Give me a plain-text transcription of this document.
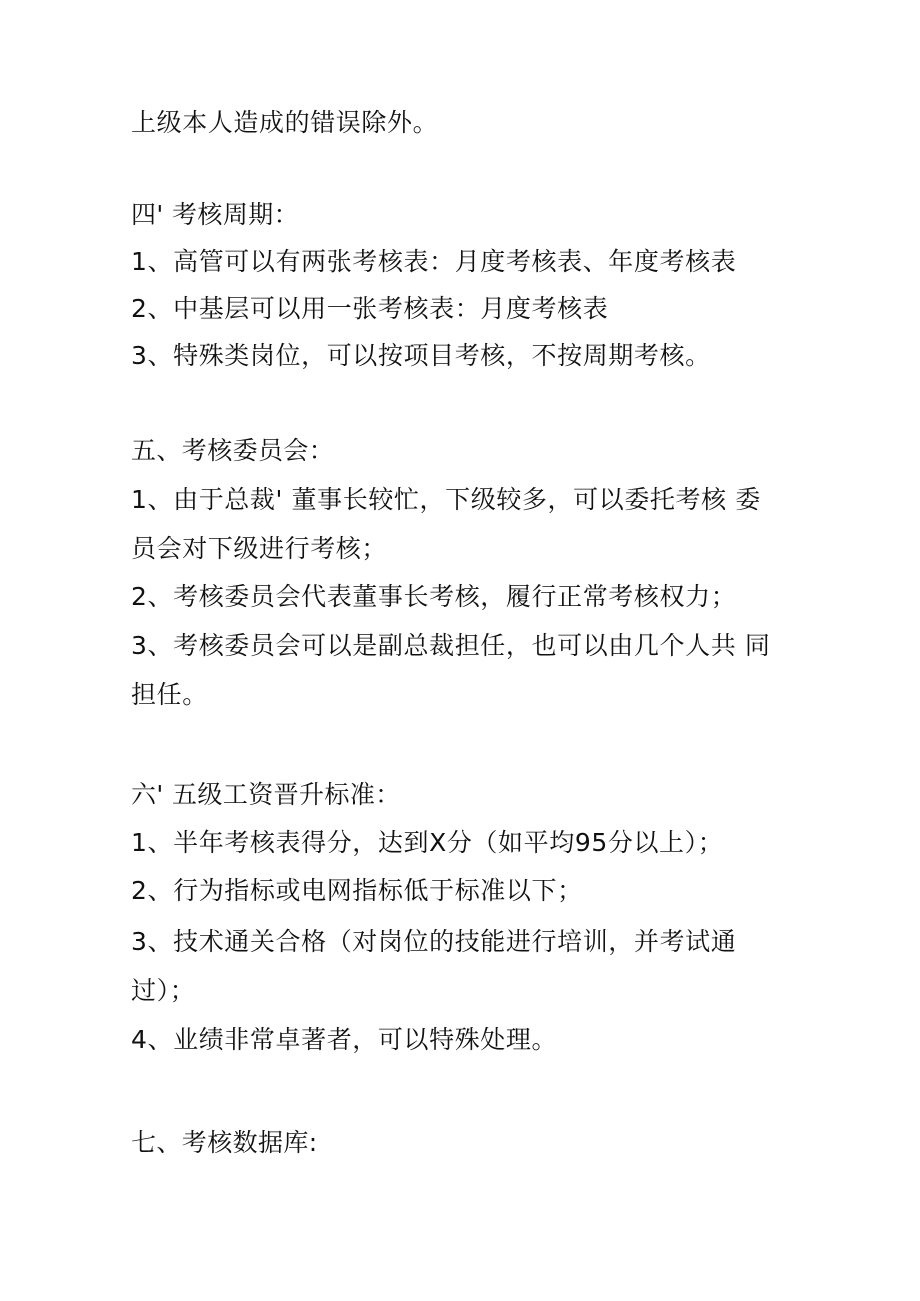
上级本人造成的错误除外。
四' 考核周期：
1、高管可以有两张考核表：月度考核表、年度考核表
2、中基层可以用一张考核表：月度考核表
3、特殊类岗位，可以按项目考核，不按周期考核。
五、考核委员会：
1、由于总裁' 董事长较忙，下级较多，可以委托考核 委
员会对下级进行考核；
2、考核委员会代表董事长考核，履行正常考核权力；
3、考核委员会可以是副总裁担任，也可以由几个人共 同
担任。
六' 五级工资晋升标准：
1、半年考核表得分，达到X分（如平均95分以上）；
2、行为指标或电网指标低于标准以下；
3、技术通关合格（对岗位的技能进行培训，并考试通
过）；
4、业绩非常卓著者，可以特殊处理。
七、考核数据库:
